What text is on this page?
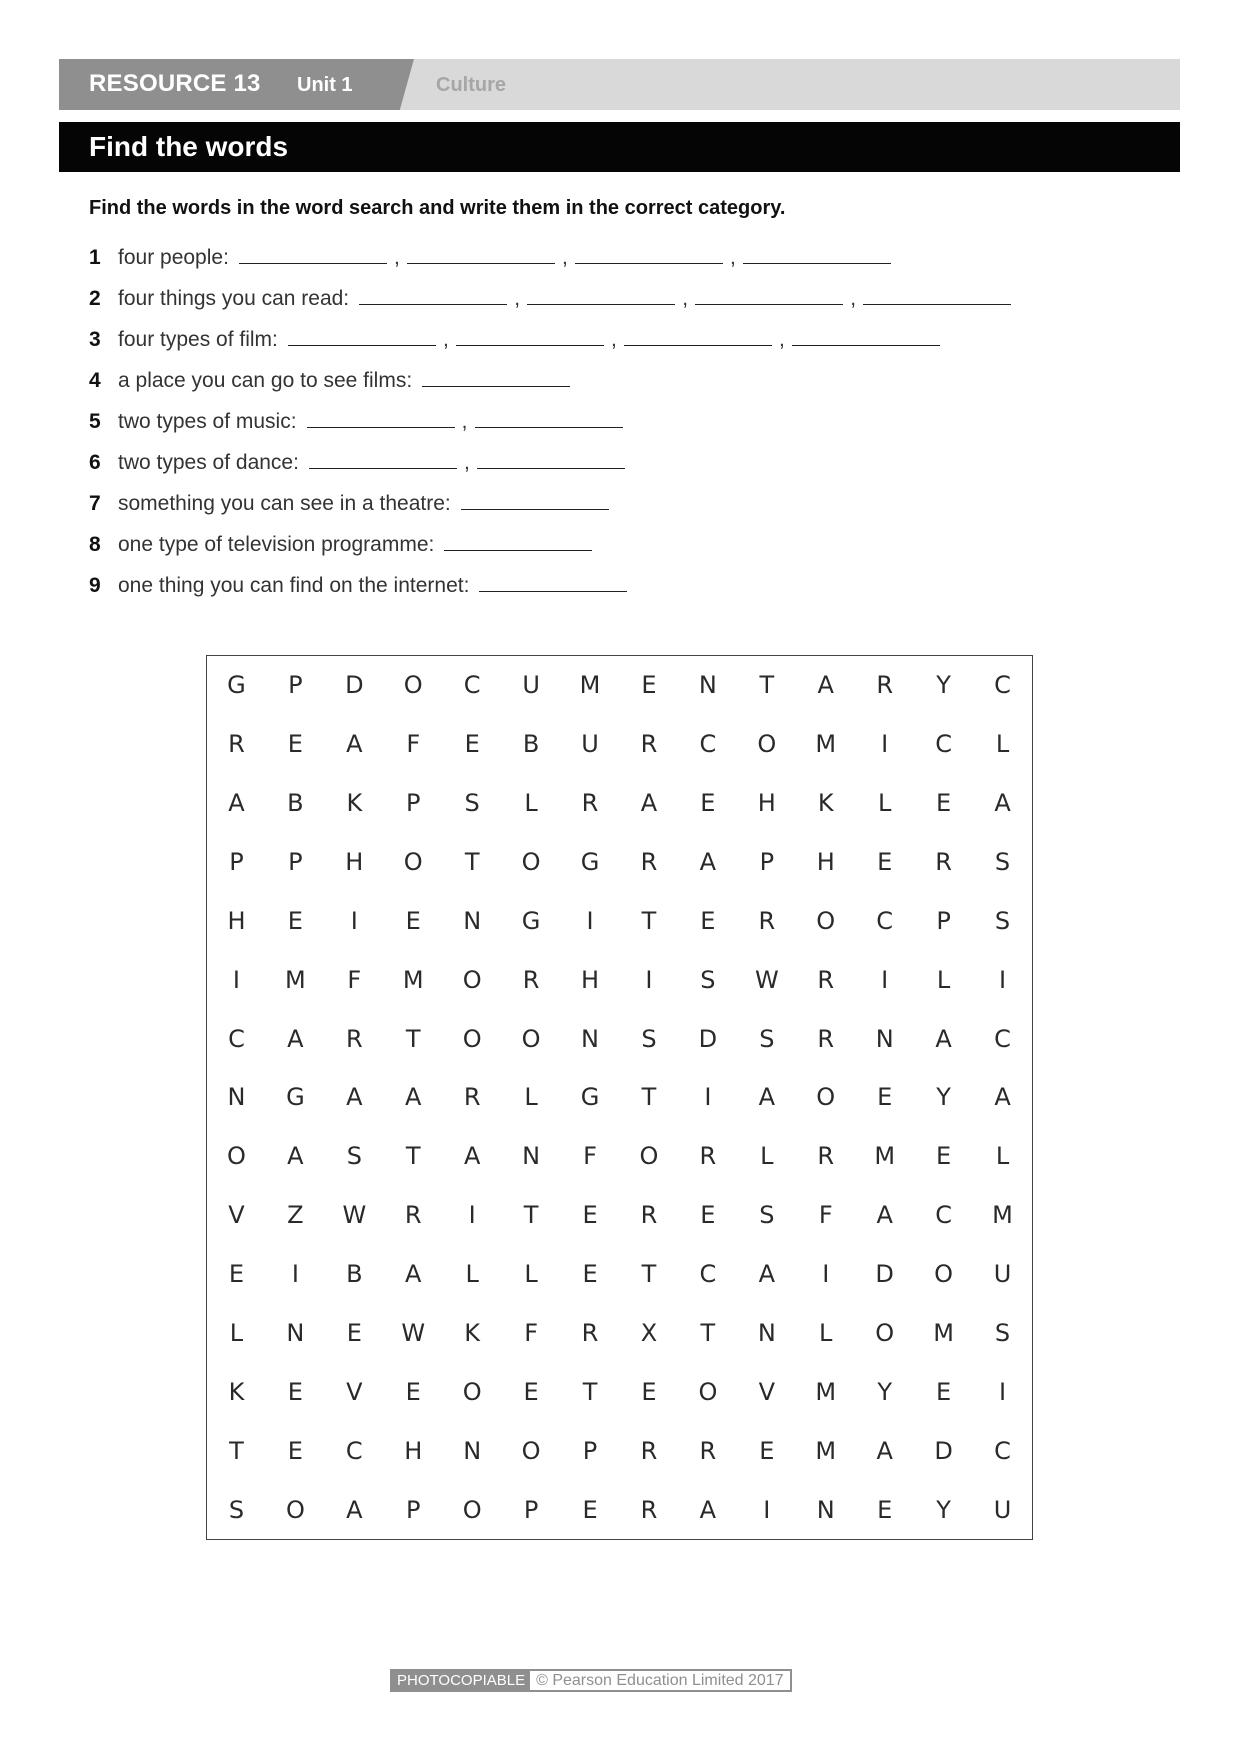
RESOURCE 13 Unit 1	Culture
Find the words
Find the words in the word search and write them in the correct category.
1 four people:	,	,	,
2 four things you can read:	,	,	,
3 four types of film:	,	,	,
4 a place you can go to see films:
5 two types of music:	,
6 two types of dance:	,
7 something you can see in a theatre:
8 one type of television programme:
9 one thing you can find on the internet:
G	P	D	O	C	U	M	E	N	T	A	R	Y	C
R	E	A	F	E	B	U	R	C	O	M	I	C	L
A	B	K	P	S	L	R	A	E	H	K	L	E	A
P	P	H	O	T	O	G	R	A	P	H	E	R	S
H	E	I	E	N	G	I	T	E	R	O	C	P	S
I	M	F	M	O	R	H	I	S	W	R	I	L	I
C	A	R	T	O	O	N	S	D	S	R	N	A	C
N	G	A	A	R	L	G	T	I	A	O	E	Y	A
O	A	S	T	A	N	F	O	R	L	R	M	E	L
V	Z	W	R	I	T	E	R	E	S	F	A	C	M
E	I	B	A	L	L	E	T	C	A	I	D	O	U
L	N	E	W	K	F	R	X	T	N	L	O	M	S
K	E	V	E	O	E	T	E	O	V	M	Y	E	I
T	E	C	H	N	O	P	R	R	E	M	A	D	C
S	O	A	P	O	P	E	R	A	I	N	E	Y	U
PHOTOCOPIABLE © Pearson Education Limited 2017
